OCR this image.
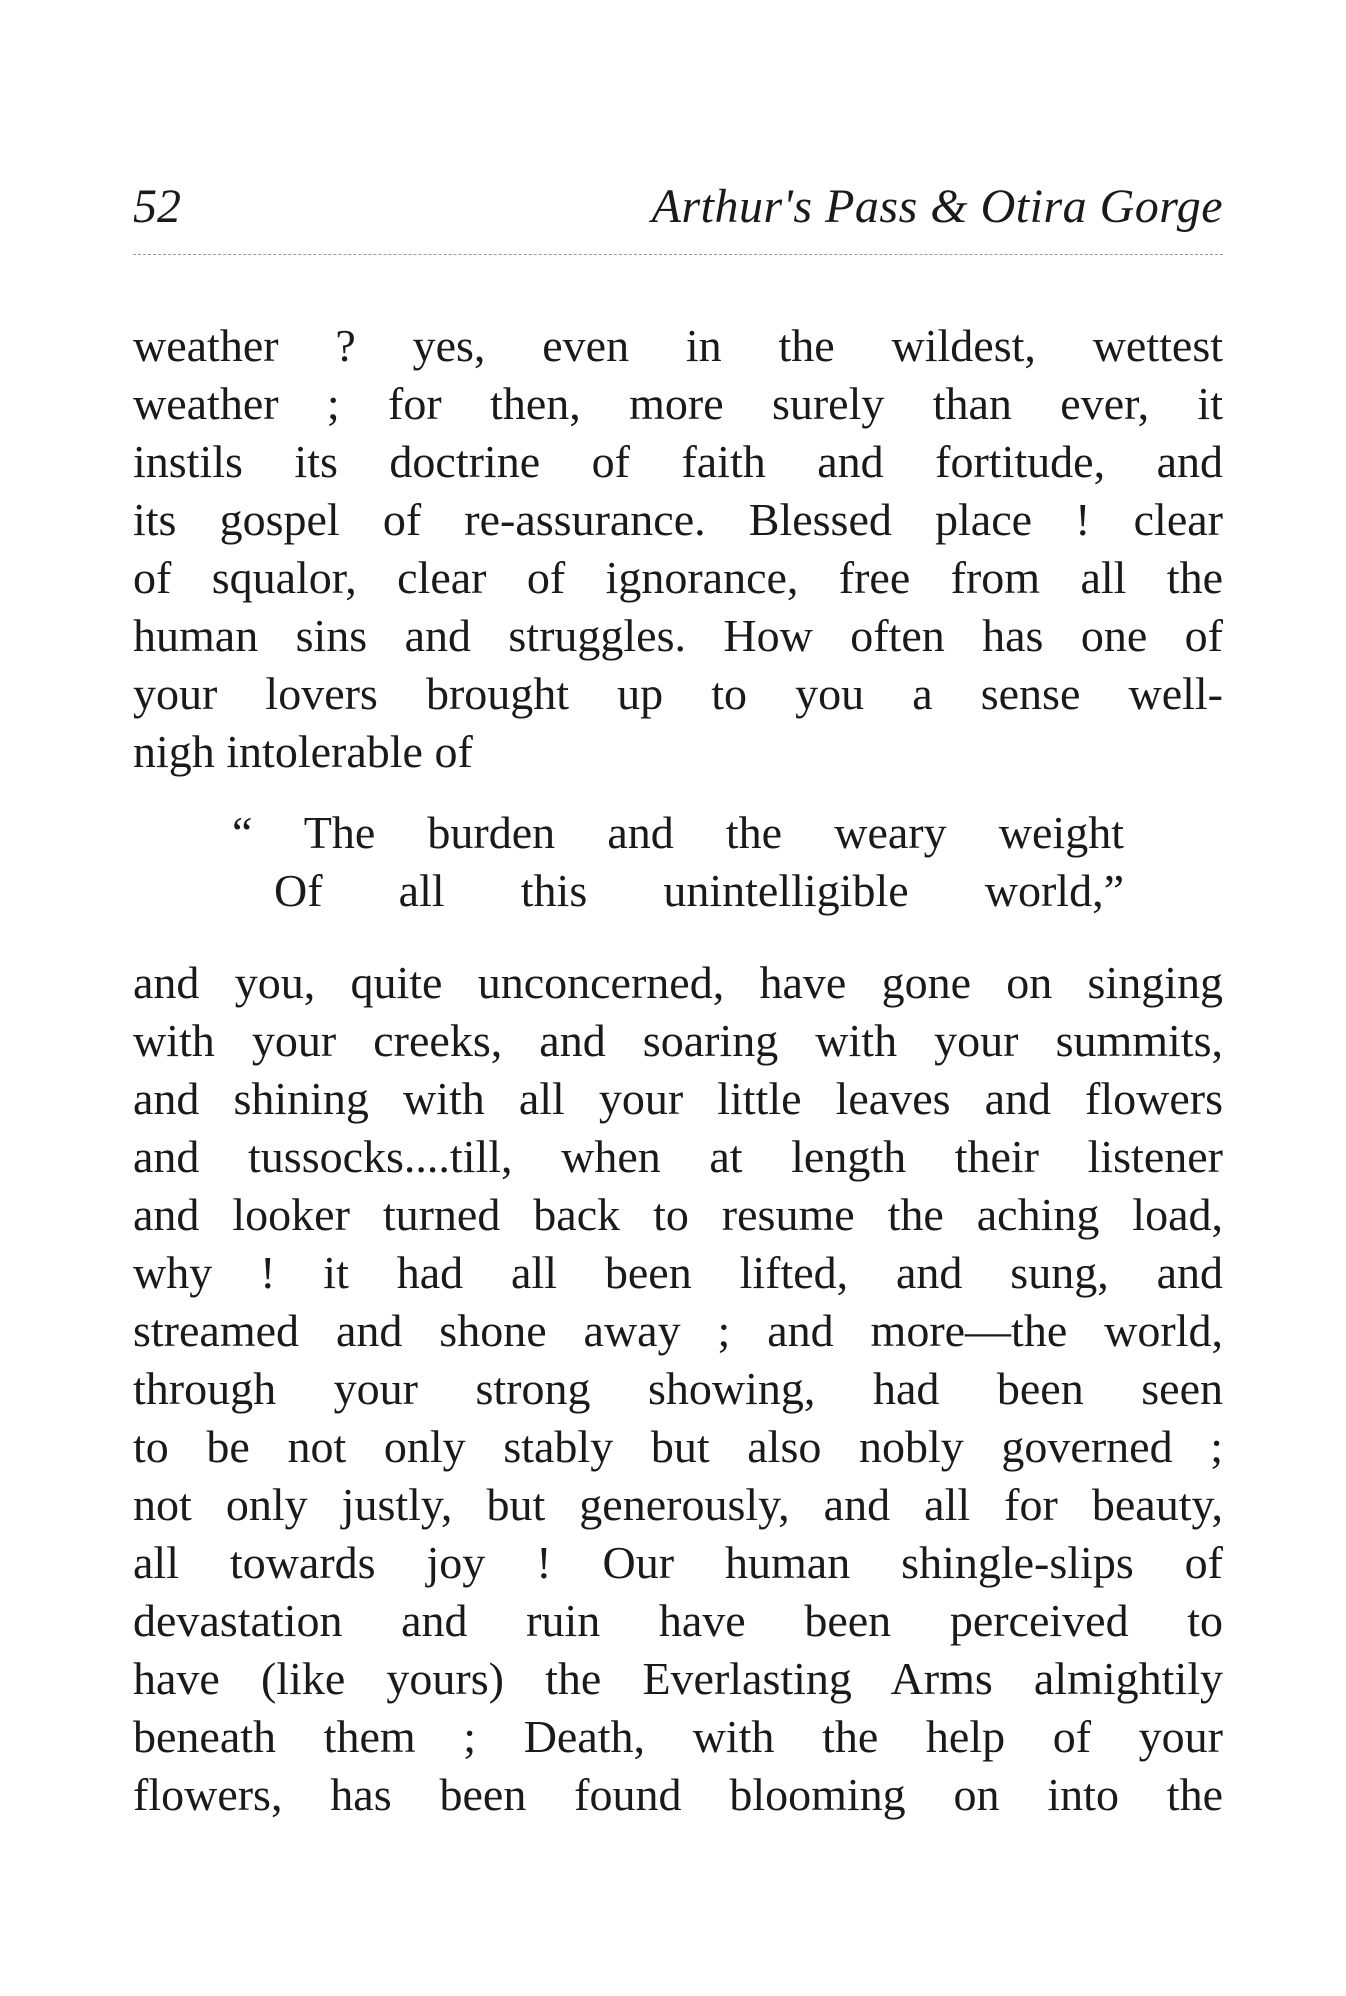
52	Arthur's Pass & Otira Gorge
weather ? yes, even in the wildest, wettest
weather ; for then, more surely than ever, it
instils its doctrine of faith and fortitude, and
its gospel of re-assurance. Blessed place ! clear
of squalor, clear of ignorance, free from all the
human sins and struggles. How often has one of
your lovers brought up to you a sense well-
nigh intolerable of
“ The burden and the weary weight
Of all this unintelligible world,”
and you, quite unconcerned, have gone on singing
with your creeks, and soaring with your summits,
and shining with all your little leaves and flowers
and tussocks....till, when at length their listener
and looker turned back to resume the aching load,
why ! it had all been lifted, and sung, and
streamed and shone away ; and more—the world,
through your strong showing, had been seen
to be not only stably but also nobly governed ;
not only justly, but generously, and all for beauty,
all towards joy ! Our human shingle-slips of
devastation and ruin have been perceived to
have (like yours) the Everlasting Arms almightily
beneath them ; Death, with the help of your
flowers, has been found blooming on into the
